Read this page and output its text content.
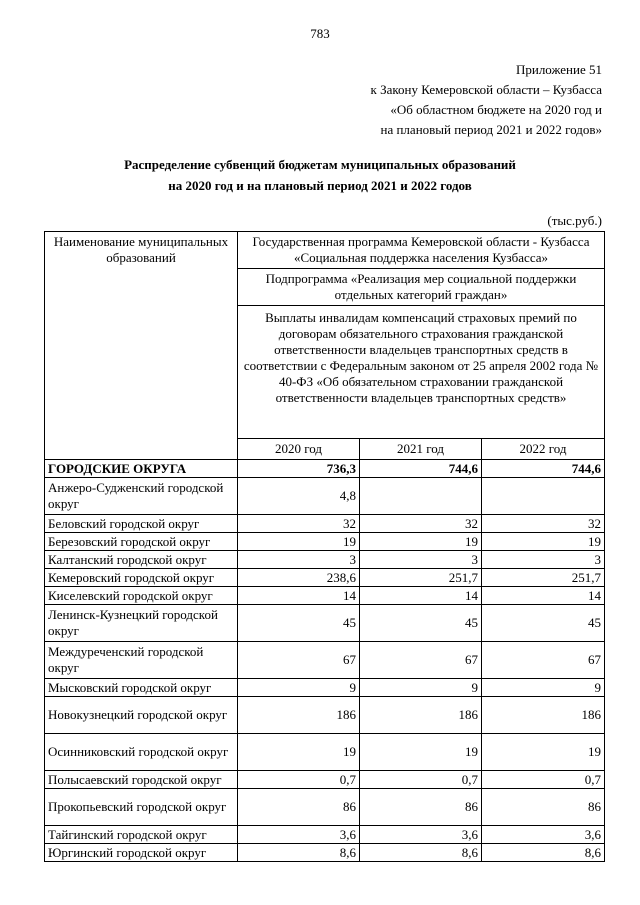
783
Приложение 51
к Закону Кемеровской области – Кузбасса
«Об областном бюджете на 2020 год и
на плановый период 2021 и 2022 годов»
Распределение субвенций бюджетам муниципальных образований
на 2020 год и на плановый период 2021 и 2022 годов
(тыс.руб.)
Наименование муниципальных образований	Государственная программа Кемеровской области - Кузбасса «Социальная поддержка населения Кузбасса»		
	Подпрограмма «Реализация мер социальной поддержки отдельных категорий граждан»		
	Выплаты инвалидам компенсаций страховых премий по договорам обязательного страхования гражданской ответственности владельцев транспортных средств в соответствии с Федеральным законом от 25 апреля 2002 года № 40-ФЗ «Об обязательном страховании гражданской ответственности владельцев транспортных средств»		
	2020 год	2021 год	2022 год
ГОРОДСКИЕ ОКРУГА	736,3	744,6	744,6
Анжеро-Судженский городской округ	4,8		
Беловский городской округ	32	32	32
Березовский городской округ	19	19	19
Калтанский городской округ	3	3	3
Кемеровский городской округ	238,6	251,7	251,7
Киселевский городской округ	14	14	14
Ленинск-Кузнецкий городской округ	45	45	45
Междуреченский городской округ	67	67	67
Мысковский городской округ	9	9	9
Новокузнецкий городской округ	186	186	186
Осинниковский городской округ	19	19	19
Полысаевский городской округ	0,7	0,7	0,7
Прокопьевский городской округ	86	86	86
Тайгинский городской округ	3,6	3,6	3,6
Юргинский городской округ	8,6	8,6	8,6
